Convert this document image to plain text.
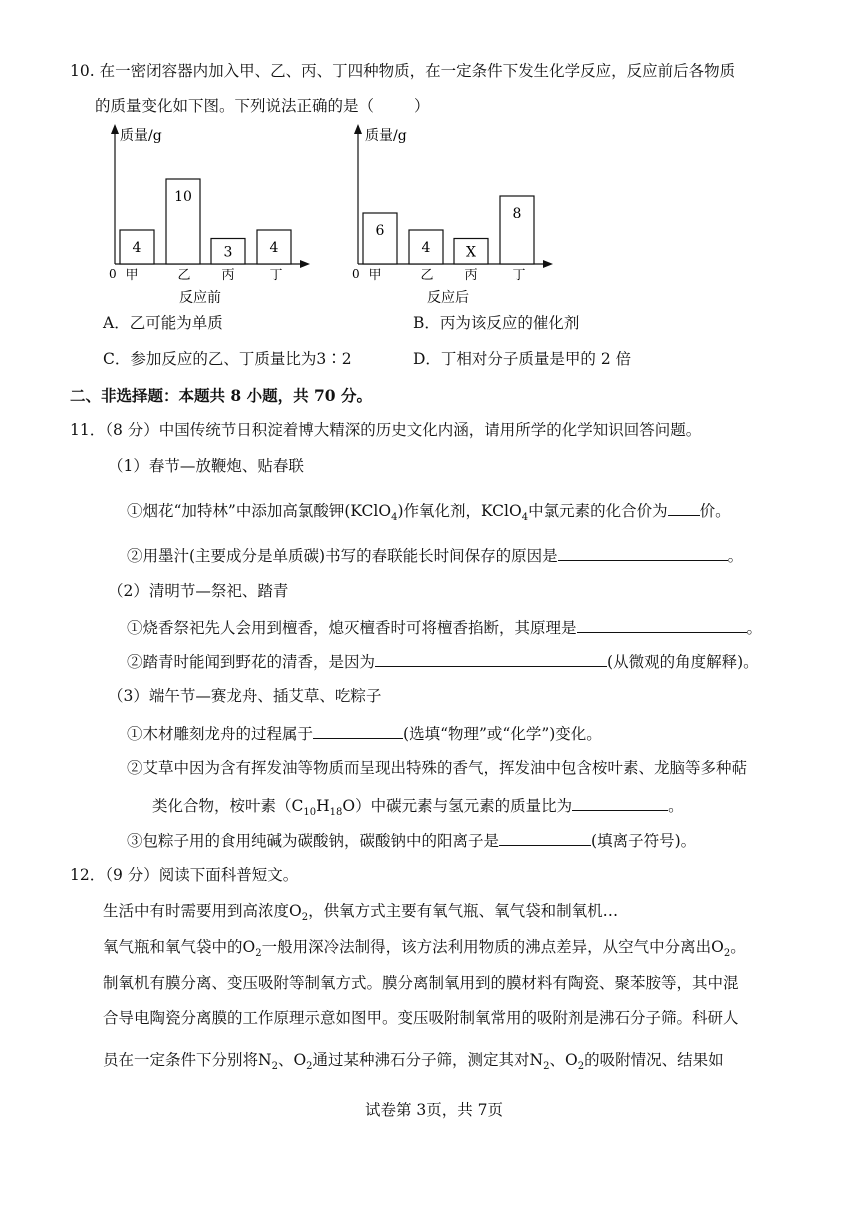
10. 在一密闭容器内加入甲、乙、丙、丁四种物质，在一定条件下发生化学反应，反应前后各物质
的质量变化如下图。下列说法正确的是（	）
质量/g
0
反应前
4
甲
10
乙
3
丙
4
丁
质量/g
0
反应后
6
甲
4
乙
X
丙
8
丁
A．乙可能为单质	B．丙为该反应的催化剂
C．参加反应的乙、丁质量比为3∶2	D．丁相对分子质量是甲的 2 倍
二、非选择题：本题共 8 小题，共 70 分。
11．（8 分）中国传统节日积淀着博大精深的历史文化内涵，请用所学的化学知识回答问题。
（1）春节—放鞭炮、贴春联
①烟花“加特林”中添加高氯酸钾(KClO$_4$)作氧化剂，KClO$_4$中氯元素的化合价为 价。
②用墨汁(主要成分是单质碳)书写的春联能长时间保存的原因是	。
（2）清明节—祭祀、踏青
①烧香祭祀先人会用到檀香，熄灭檀香时可将檀香掐断，其原理是	。
②踏青时能闻到野花的清香，是因为	(从微观的角度解释)。
（3）端午节—赛龙舟、插艾草、吃粽子
①木材雕刻龙舟的过程属于	(选填“物理”或“化学”)变化。
②艾草中因为含有挥发油等物质而呈现出特殊的香气，挥发油中包含桉叶素、龙脑等多种萜
类化合物，桉叶素$(C_{10}H_{18}O)$中碳元素与氢元素的质量比为	。
③包粽子用的食用纯碱为碳酸钠，碳酸钠中的阳离子是	(填离子符号)。
12．（9 分）阅读下面科普短文。
生活中有时需要用到高浓度$O_2$，供氧方式主要有氧气瓶、氧气袋和制氧机…
氧气瓶和氧气袋中的$O_2$一般用深冷法制得，该方法利用物质的沸点差异，从空气中分离出$O_2$。
制氧机有膜分离、变压吸附等制氧方式。膜分离制氧用到的膜材料有陶瓷、聚苯胺等，其中混
合导电陶瓷分离膜的工作原理示意如图甲。变压吸附制氧常用的吸附剂是沸石分子筛。科研人
员在一定条件下分别将$N_2$、$O_2$通过某种沸石分子筛，测定其对$N_2$、$O_2$的吸附情况、结果如
试卷第 3页，共 7页
